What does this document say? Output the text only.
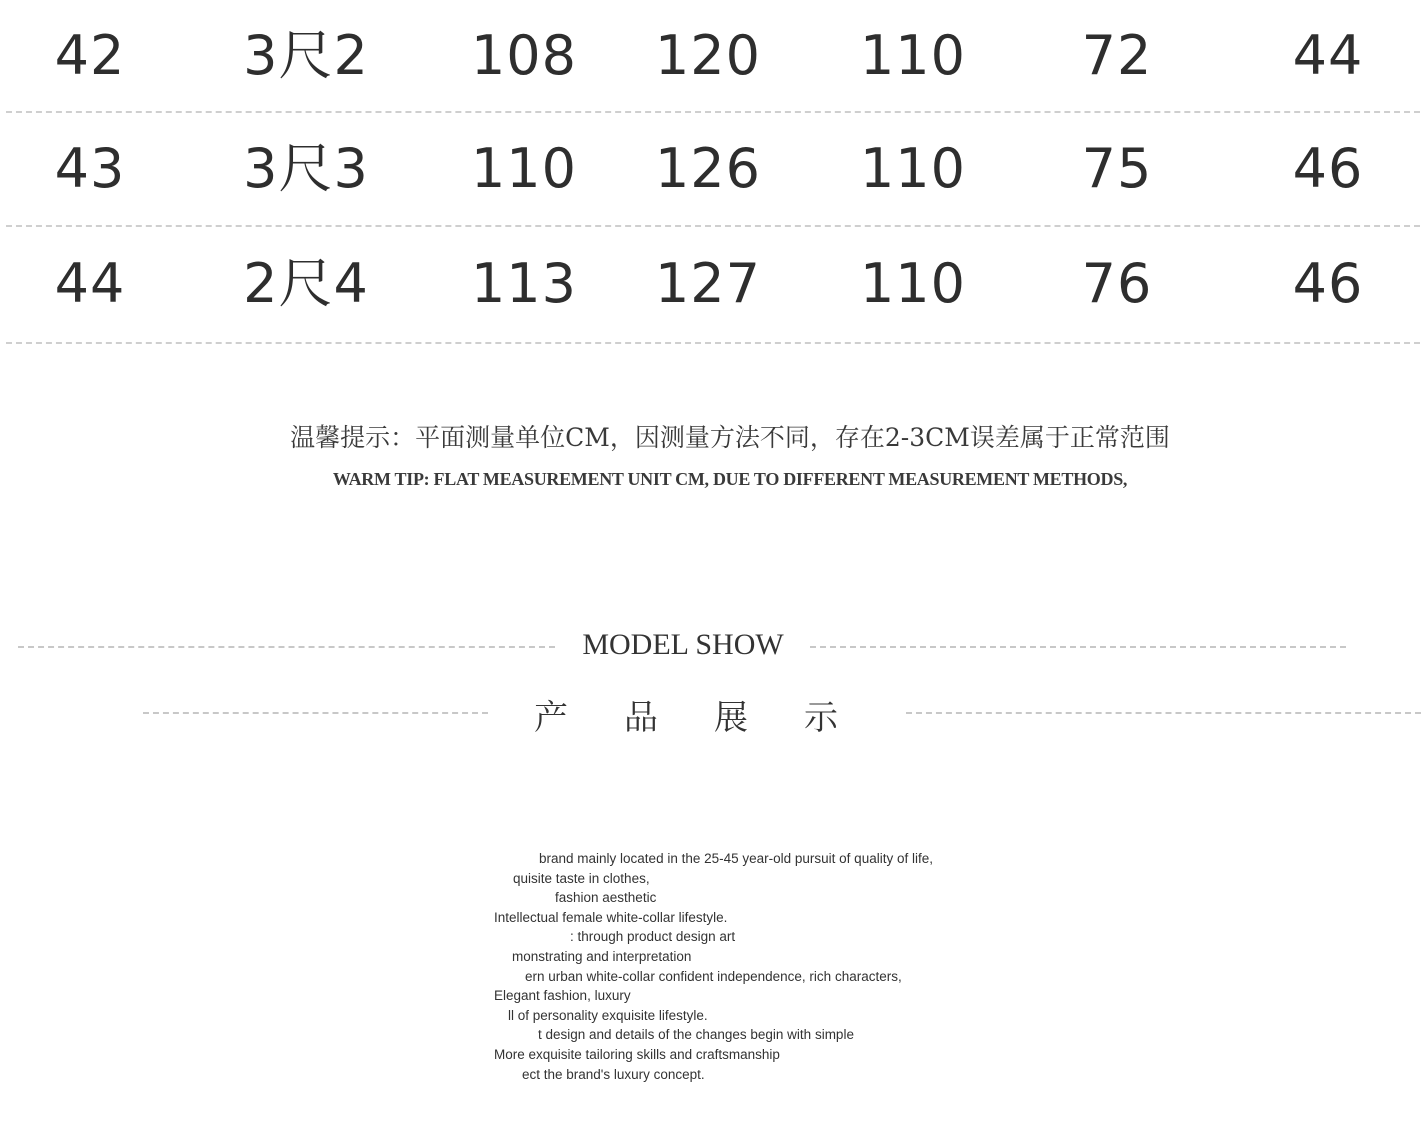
42	3尺2	108	120	110	72	44
43	3尺3	110	126	110	75	46
44	2尺4	113	127	110	76	46
温馨提示：平面测量单位CM，因测量方法不同，存在2-3CM误差属于正常范围
WARM TIP: FLAT MEASUREMENT UNIT CM, DUE TO DIFFERENT MEASUREMENT METHODS,
MODEL SHOW
产品展示
brand mainly located in the 25-45 year-old pursuit of quality of life,
quisite taste in clothes,
fashion aesthetic
Intellectual female white-collar lifestyle.
: through product design art
monstrating and interpretation
ern urban white-collar confident independence, rich characters,
Elegant fashion, luxury
ll of personality exquisite lifestyle.
t design and details of the changes begin with simple
More exquisite tailoring skills and craftsmanship
ect the brand's luxury concept.
